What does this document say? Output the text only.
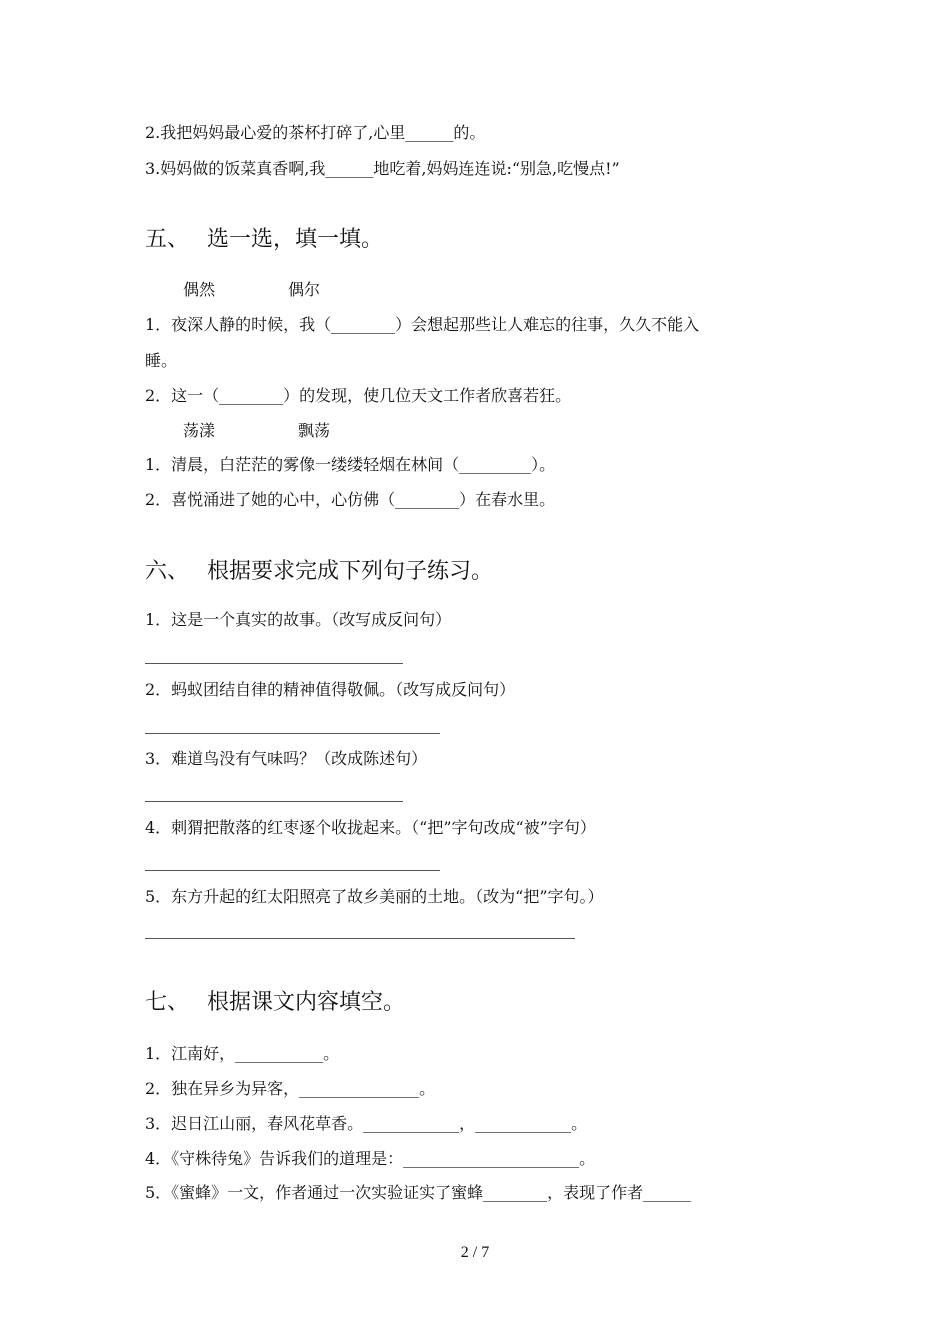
2.我把妈妈最心爱的茶杯打碎了,心里______的。
3.妈妈做的饭菜真香啊,我______地吃着,妈妈连连说:“别急,吃慢点!”
五、 选一选，填一填。
偶然	偶尔
1．夜深人静的时候，我（________）会想起那些让人难忘的往事，久久不能入
睡。
2．这一（________）的发现，使几位天文工作者欣喜若狂。
荡漾	飘荡
1．清晨，白茫茫的雾像一缕缕轻烟在林间（_________）。
2．喜悦涌进了她的心中，心仿佛（________）在春水里。
六、 根据要求完成下列句子练习。
1．这是一个真实的故事。（改写成反问句）
2．蚂蚁团结自律的精神值得敬佩。（改写成反问句）
3．难道鸟没有气味吗？（改成陈述句）
4．刺猬把散落的红枣逐个收拢起来。（“把”字句改成“被”字句）
5．东方升起的红太阳照亮了故乡美丽的土地。（改为“把”字句。）
七、 根据课文内容填空。
1．江南好，___________。
2．独在异乡为异客，_______________。
3．迟日江山丽，春风花草香。____________，____________。
4．《守株待兔》告诉我们的道理是：______________________。
5．《蜜蜂》一文，作者通过一次实验证实了蜜蜂________，表现了作者______
2 / 7
